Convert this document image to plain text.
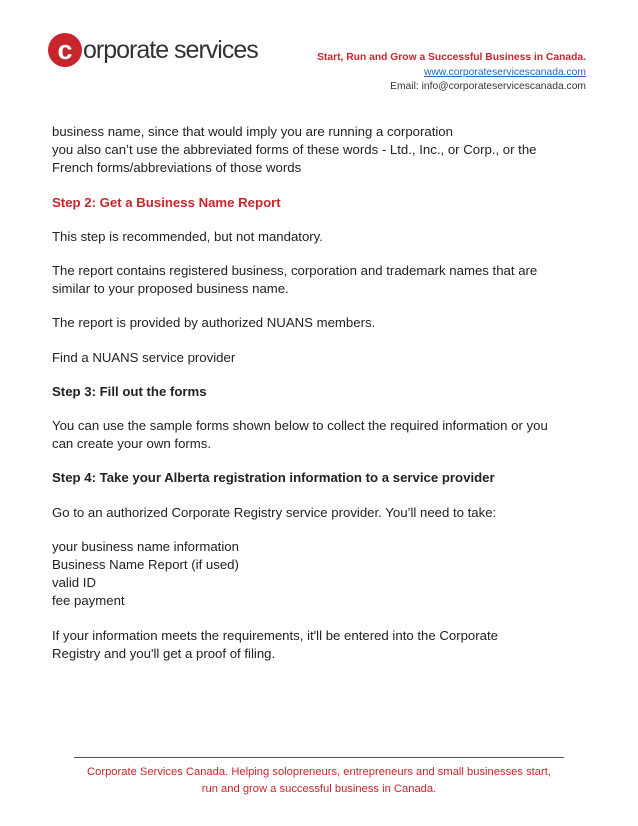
c orporate services	Start, Run and Grow a Successful Business in Canada.
www.corporateservicescanada.com
Email: info@corporateservicescanada.com

business name, since that would imply you are running a corporation
you also can’t use the abbreviated forms of these words - Ltd., Inc., or Corp., or the
French forms/abbreviations of those words

Step 2: Get a Business Name Report

This step is recommended, but not mandatory.

The report contains registered business, corporation and trademark names that are
similar to your proposed business name.

The report is provided by authorized NUANS members.

Find a NUANS service provider

Step 3: Fill out the forms

You can use the sample forms shown below to collect the required information or you
can create your own forms.

Step 4: Take your Alberta registration information to a service provider

Go to an authorized Corporate Registry service provider. You’ll need to take:

your business name information
Business Name Report (if used)
valid ID
fee payment

If your information meets the requirements, it'll be entered into the Corporate
Registry and you'll get a proof of filing.

Corporate Services Canada. Helping solopreneurs, entrepreneurs and small businesses start,
run and grow a successful business in Canada.
